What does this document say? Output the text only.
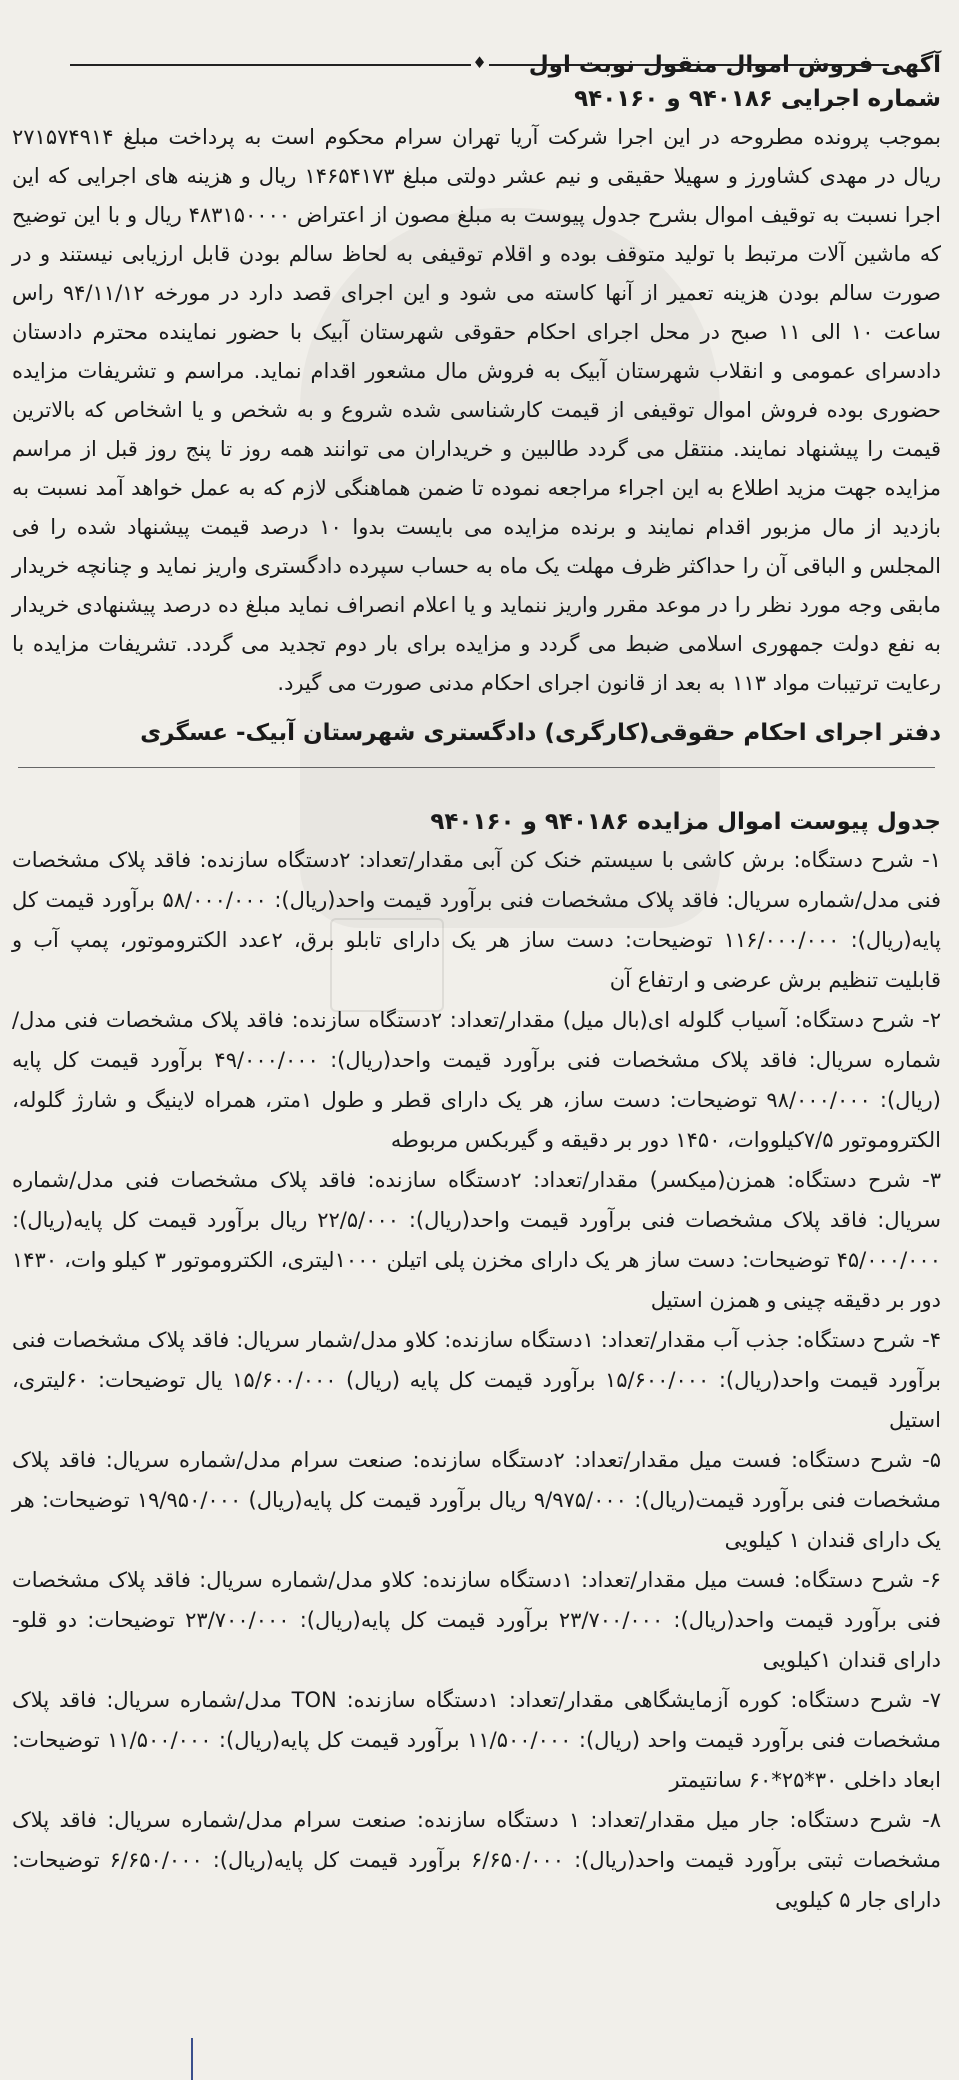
♦	آگهی فروش اموال منقول نوبت اول
شماره اجرایی ۹۴۰۱۸۶ و ۹۴۰۱۶۰

بموجب پرونده مطروحه در این اجرا شرکت آریا تهران سرام محکوم است به پرداخت مبلغ ۲۷۱۵۷۴۹۱۴ ریال در مهدی کشاورز و سهیلا حقیقی و نیم عشر دولتی مبلغ ۱۴۶۵۴۱۷۳ ریال و هزینه های اجرایی که این اجرا نسبت به توقیف اموال بشرح جدول پیوست به مبلغ مصون از اعتراض ۴۸۳۱۵۰۰۰۰ ریال و با این توضیح که ماشین آلات مرتبط با تولید متوقف بوده و اقلام توقیفی به لحاظ سالم بودن قابل ارزیابی نیستند و در صورت سالم بودن هزینه تعمیر از آنها کاسته می شود و این اجرای قصد دارد در مورخه ۹۴/۱۱/۱۲ راس ساعت ۱۰ الی ۱۱ صبح در محل اجرای احکام حقوقی شهرستان آبیک با حضور نماینده محترم دادستان دادسرای عمومی و انقلاب شهرستان آبیک به فروش مال مشعور اقدام نماید. مراسم و تشریفات مزایده حضوری بوده فروش اموال توقیفی از قیمت کارشناسی شده شروع و به شخص و یا اشخاص که بالاترین قیمت را پیشنهاد نمایند. منتقل می گردد طالبین و خریداران می توانند همه روز تا پنج روز قبل از مراسم مزایده جهت مزید اطلاع به این اجراء مراجعه نموده تا ضمن هماهنگی لازم که به عمل خواهد آمد نسبت به بازدید از مال مزبور اقدام نمایند و برنده مزایده می بایست بدوا ۱۰ درصد قیمت پیشنهاد شده را فی المجلس و الباقی آن را حداکثر ظرف مهلت یک ماه به حساب سپرده دادگستری واریز نماید و چنانچه خریدار مابقی وجه مورد نظر را در موعد مقرر واریز ننماید و یا اعلام انصراف نماید مبلغ ده درصد پیشنهادی خریدار به نفع دولت جمهوری اسلامی ضبط می گردد و مزایده برای بار دوم تجدید می گردد. تشریفات مزایده با رعایت ترتیبات مواد ۱۱۳ به بعد از قانون اجرای احکام مدنی صورت می گیرد.

دفتر اجرای احکام حقوقی(کارگری) دادگستری شهرستان آبیک- عسگری
جدول پیوست اموال مزایده ۹۴۰۱۸۶ و ۹۴۰۱۶۰

۱- شرح دستگاه: برش کاشی با سیستم خنک کن آبی مقدار/تعداد: ۲دستگاه سازنده: فاقد پلاک مشخصات فنی مدل/شماره سریال: فاقد پلاک مشخصات فنی برآورد قیمت واحد(ریال): ۵۸/۰۰۰/۰۰۰ برآورد قیمت کل پایه(ریال): ۱۱۶/۰۰۰/۰۰۰ توضیحات: دست ساز هر یک دارای تابلو برق، ۲عدد الکتروموتور، پمپ آب و قابلیت تنظیم برش عرضی و ارتفاع آن

۲- شرح دستگاه: آسیاب گلوله ای(بال میل) مقدار/تعداد: ۲دستگاه سازنده: فاقد پلاک مشخصات فنی مدل/شماره سریال: فاقد پلاک مشخصات فنی برآورد قیمت واحد(ریال): ۴۹/۰۰۰/۰۰۰ برآورد قیمت کل پایه (ریال): ۹۸/۰۰۰/۰۰۰ توضیحات: دست ساز، هر یک دارای قطر و طول ۱متر، همراه لاینیگ و شارژ گلوله، الکتروموتور ۷/۵کیلووات، ۱۴۵۰ دور بر دقیقه و گیربکس مربوطه

۳- شرح دستگاه: همزن(میکسر) مقدار/تعداد: ۲دستگاه سازنده: فاقد پلاک مشخصات فنی مدل/شماره سریال: فاقد پلاک مشخصات فنی برآورد قیمت واحد(ریال): ۲۲/۵/۰۰۰ ریال برآورد قیمت کل پایه(ریال): ۴۵/۰۰۰/۰۰۰ توضیحات: دست ساز هر یک دارای مخزن پلی اتیلن ۱۰۰۰لیتری، الکتروموتور ۳ کیلو وات، ۱۴۳۰ دور بر دقیقه چینی و همزن استیل

۴- شرح دستگاه: جذب آب مقدار/تعداد: ۱دستگاه سازنده: کلاو مدل/شمار سریال: فاقد پلاک مشخصات فنی برآورد قیمت واحد(ریال): ۱۵/۶۰۰/۰۰۰ برآورد قیمت کل پایه (ریال) ۱۵/۶۰۰/۰۰۰ یال توضیحات: ۶۰لیتری، استیل

۵- شرح دستگاه: فست میل مقدار/تعداد: ۲دستگاه سازنده: صنعت سرام مدل/شماره سریال: فاقد پلاک مشخصات فنی برآورد قیمت(ریال): ۹/۹۷۵/۰۰۰ ریال برآورد قیمت کل پایه(ریال) ۱۹/۹۵۰/۰۰۰ توضیحات: هر یک دارای قندان ۱ کیلویی

۶- شرح دستگاه: فست میل مقدار/تعداد: ۱دستگاه سازنده: کلاو مدل/شماره سریال: فاقد پلاک مشخصات فنی برآورد قیمت واحد(ریال): ۲۳/۷۰۰/۰۰۰ برآورد قیمت کل پایه(ریال): ۲۳/۷۰۰/۰۰۰ توضیحات: دو قلو- دارای قندان ۱کیلویی

۷- شرح دستگاه: کوره آزمایشگاهی مقدار/تعداد: ۱دستگاه سازنده: TON مدل/شماره سریال: فاقد پلاک مشخصات فنی برآورد قیمت واحد (ریال): ۱۱/۵۰۰/۰۰۰ برآورد قیمت کل پایه(ریال): ۱۱/۵۰۰/۰۰۰ توضیحات: ابعاد داخلی ۳۰*۲۵*۶۰ سانتیمتر

۸- شرح دستگاه: جار میل مقدار/تعداد: ۱ دستگاه سازنده: صنعت سرام مدل/شماره سریال: فاقد پلاک مشخصات ثبتی برآورد قیمت واحد(ریال): ۶/۶۵۰/۰۰۰ برآورد قیمت کل پایه(ریال): ۶/۶۵۰/۰۰۰ توضیحات: دارای جار ۵ کیلویی
